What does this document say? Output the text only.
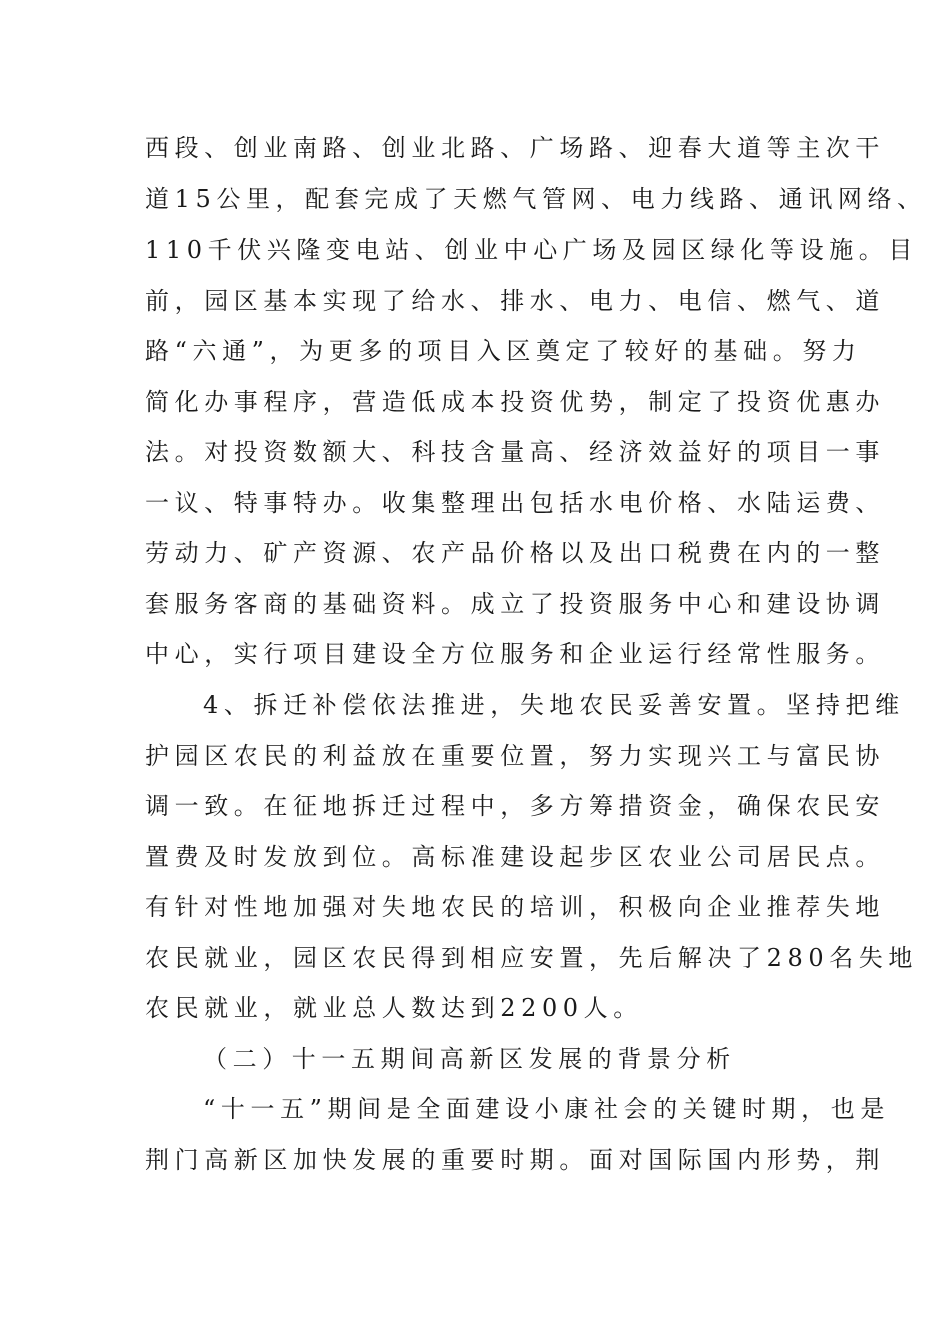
西段、创业南路、创业北路、广场路、迎春大道等主次干
道15公里，配套完成了天燃气管网、电力线路、通讯网络、
110千伏兴隆变电站、创业中心广场及园区绿化等设施。目
前，园区基本实现了给水、排水、电力、电信、燃气、道
路“六通”，为更多的项目入区奠定了较好的基础。努力
简化办事程序，营造低成本投资优势，制定了投资优惠办
法。对投资数额大、科技含量高、经济效益好的项目一事
一议、特事特办。收集整理出包括水电价格、水陆运费、
劳动力、矿产资源、农产品价格以及出口税费在内的一整
套服务客商的基础资料。成立了投资服务中心和建设协调
中心，实行项目建设全方位服务和企业运行经常性服务。
4、拆迁补偿依法推进，失地农民妥善安置。坚持把维
护园区农民的利益放在重要位置，努力实现兴工与富民协
调一致。在征地拆迁过程中，多方筹措资金，确保农民安
置费及时发放到位。高标准建设起步区农业公司居民点。
有针对性地加强对失地农民的培训，积极向企业推荐失地
农民就业，园区农民得到相应安置，先后解决了280名失地
农民就业，就业总人数达到2200人。
（二）十一五期间高新区发展的背景分析
“十一五”期间是全面建设小康社会的关键时期，也是
荆门高新区加快发展的重要时期。面对国际国内形势，荆
